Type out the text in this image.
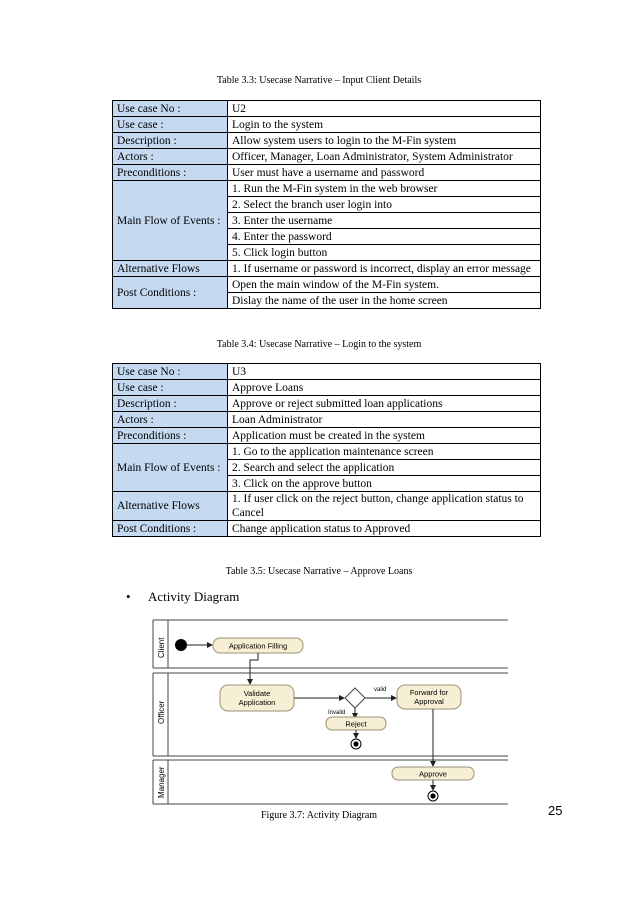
Table 3.3: Usecase Narrative – Input Client Details
Use case No :	U2
Use case :	Login to the system
Description :	Allow system users to login to the M-Fin system
Actors :	Officer, Manager, Loan Administrator, System Administrator
Preconditions :	User must have a username and password
Main Flow of Events :	1. Run the M-Fin system in the web browser
	2. Select the branch user login into
	3. Enter the username
	4. Enter the password
	5. Click login button
Alternative Flows	1. If username or password is incorrect, display an error message
Post Conditions :	Open the main window of the M-Fin system.
	Dislay the name of the user in the home screen
Table 3.4: Usecase Narrative – Login to the system
Use case No :	U3
Use case :	Approve Loans
Description :	Approve or reject submitted loan applications
Actors :	Loan Administrator
Preconditions :	Application must be created in the system
Main Flow of Events :	1. Go to the application maintenance screen
	2. Search and select the application
	3. Click on the approve button
Alternative Flows	1. If user click on the reject button, change application status to Cancel
Post Conditions :	Change application status to Approved
Table 3.5: Usecase Narrative – Approve Loans
• Activity Diagram
Client
Officer
Manager
Application Filling
Validate
Application
valid
Invalid
Forward for
Approval
Reject
Approve
Figure 3.7: Activity Diagram	25
